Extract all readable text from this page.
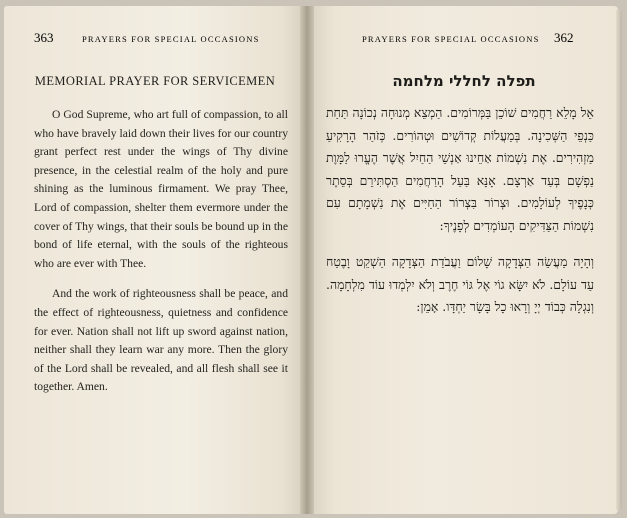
363	PRAYERS FOR SPECIAL OCCASIONS
MEMORIAL PRAYER FOR SERVICEMEN

O God Supreme, who art full of compassion, to all who have bravely laid down their lives for our country grant perfect rest under the wings of Thy divine presence, in the celestial realm of the holy and pure shining as the luminous firmament. We pray Thee, Lord of compassion, shelter them evermore under the cover of Thy wings, that their souls be bound up in the bond of life eternal, with the souls of the righteous who are ever with Thee.

And the work of righteousness shall be peace, and the effect of righteousness, quietness and confidence for ever. Nation shall not lift up sword against nation, neither shall they learn war any more. Then the glory of the Lord shall be revealed, and all flesh shall see it together. Amen.

PRAYERS FOR SPECIAL OCCASIONS 362
תפלה לחללי מלחמה

אֵל מָלֵא רַחֲמִים שׁוֹכֵן בַּמְּרוֹמִים. הַמְצֵא מְנוּחָה נְכוֹנָה תַּחַת כַּנְפֵי הַשְּׁכִינָה. בְּמַעֲלוֹת קְדוֹשִׁים וּטְהוֹרִים. כְּזֹהַר הָרָקִיעַ מַזְהִירִים. אֶת נִשְׁמוֹת אַחֵינוּ אַנְשֵׁי הַחַיִל אֲשֶׁר הֶעֱרוּ לַמָּוֶת נַפְשָׁם בְּעַד אַרְצָם. אָנָּא בַּעַל הָרַחֲמִים הַסְתִּירֵם בְּסֵתֶר כְּנָפֶיךָ לְעוֹלָמִים. וּצְרוֹר בִּצְרוֹר הַחַיִּים אֶת נִשְׁמָתָם עִם נִשְׁמוֹת הַצַּדִּיקִים הָעוֹמְדִים לְפָנֶיךָ:

וְהָיָה מַעֲשֵׂה הַצְּדָקָה שָׁלוֹם וַעֲבֹדַת הַצְּדָקָה הַשְׁקֵט וָבֶטַח עַד עוֹלָם. לֹא יִשָּׂא גוֹי אֶל גּוֹי חֶרֶב וְלֹא יִלְמְדוּ עוֹד מִלְחָמָה. וְנִגְלָה כְּבוֹד יְיָ וְרָאוּ כָל בָּשָׂר יַחְדָּו. אָמֵן:
